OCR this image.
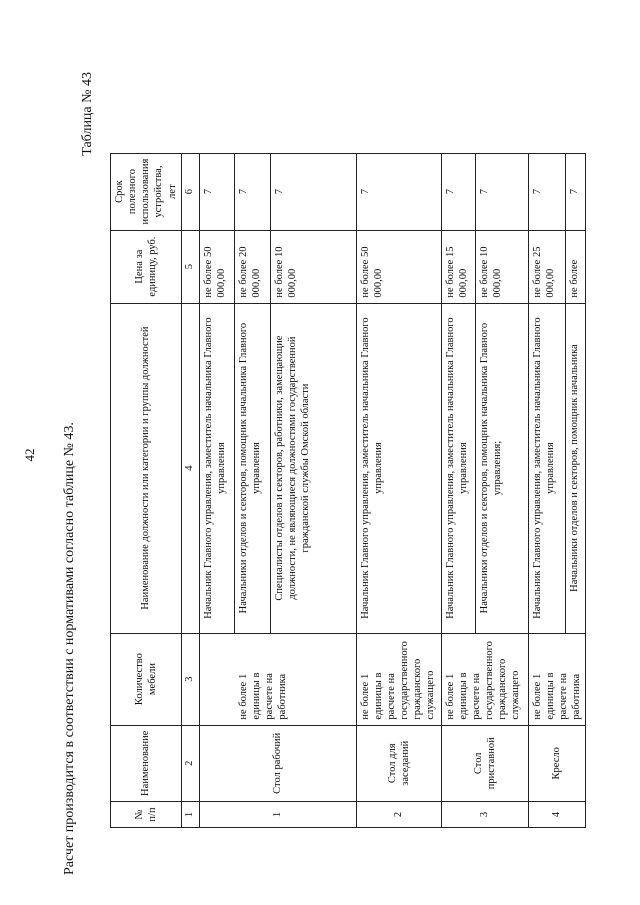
42 Расчет производится в соответствии с нормативами согласно таблице № 43.
Таблица № 43
№ п/п	Наименование	Количество мебели	Наименование должности или категории и группы должностей	Цена за единицу, руб.	Срок полезного использования устройства, лет
1	2	3	4	5	6
1	Стол рабочий	не более 1 единицы в расчете на работника	Начальник Главного управления, заместитель начальника Главного управления	не более 50 000,00	7
			Начальники отделов и секторов, помощник начальника Главного управления	не более 20 000,00	7
			Специалисты отделов и секторов, работники, замещающие должности, не являющиеся должностями государственной гражданской службы Омской области	не более 10 000,00	7
2	Стол для заседаний	не более 1 единицы в расчете на государственного гражданского служащего	Начальник Главного управления, заместитель начальника Главного управления	не более 50 000,00	7
3	Стол приставной	не более 1 единицы в расчете на государственного гражданского служащего	Начальник Главного управления, заместитель начальника Главного управления	не более 15 000,00	7
			Начальники отделов и секторов, помощник начальника Главного управления;	не более 10 000,00	7
4	Кресло	не более 1 единицы в расчете на работника	Начальник Главного управления, заместитель начальника Главного управления	не более 25 000,00	7
			Начальники отделов и секторов, помощник начальника	не более	7
